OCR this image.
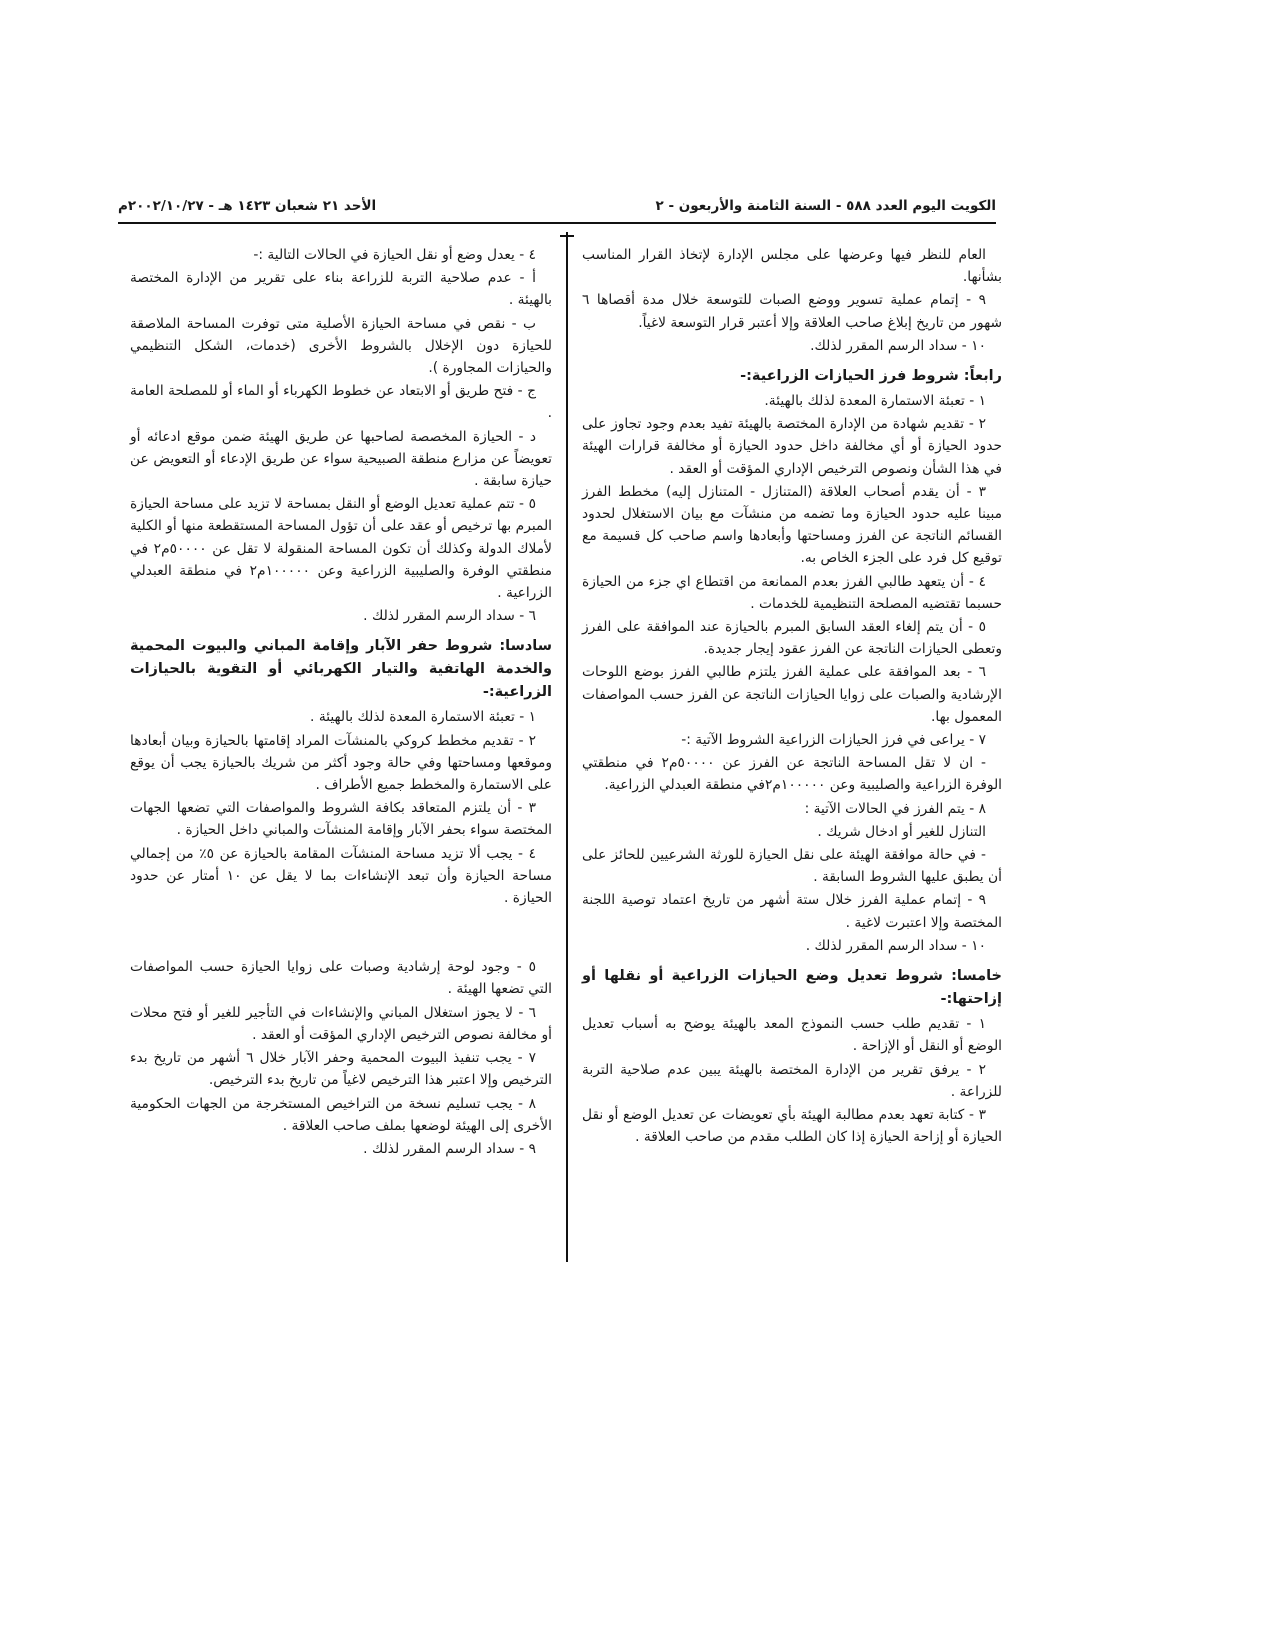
الكويت اليوم العدد ٥٨٨ - السنة الثامنة والأربعون - ٢
الأحد ٢١ شعبان ١٤٢٣ هـ - ٢٠٠٢/١٠/٢٧م

العام للنظر فيها وعرضها على مجلس الإدارة لإتخاذ القرار المناسب بشأنها.

٩ - إتمام عملية تسوير ووضع الصبات للتوسعة خلال مدة أقصاها ٦ شهور من تاريخ إبلاغ صاحب العلاقة وإلا أعتبر قرار التوسعة لاغياً.

١٠ - سداد الرسم المقرر لذلك.

رابعاً: شروط فرز الحيازات الزراعية:-

١ - تعبئة الاستمارة المعدة لذلك بالهيئة.

٢ - تقديم شهادة من الإدارة المختصة بالهيئة تفيد بعدم وجود تجاوز على حدود الحيازة أو أي مخالفة داخل حدود الحيازة أو مخالفة قرارات الهيئة في هذا الشأن ونصوص الترخيص الإداري المؤقت أو العقد .

٣ - أن يقدم أصحاب العلاقة (المتنازل - المتنازل إليه) مخطط الفرز مبينا عليه حدود الحيازة وما تضمه من منشآت مع بيان الاستغلال لحدود القسائم الناتجة عن الفرز ومساحتها وأبعادها واسم صاحب كل قسيمة مع توقيع كل فرد على الجزء الخاص به.

٤ - أن يتعهد طالبي الفرز بعدم الممانعة من اقتطاع اي جزء من الحيازة حسبما تقتضيه المصلحة التنظيمية للخدمات .

٥ - أن يتم إلغاء العقد السابق المبرم بالحيازة عند الموافقة على الفرز وتعطى الحيازات الناتجة عن الفرز عقود إيجار جديدة.

٦ - بعد الموافقة على عملية الفرز يلتزم طالبي الفرز بوضع اللوحات الإرشادية والصبات على زوايا الحيازات الناتجة عن الفرز حسب المواصفات المعمول بها.

٧ - يراعى في فرز الحيازات الزراعية الشروط الآتية :-

- ان لا تقل المساحة الناتجة عن الفرز عن ٥٠٠٠٠م٢ في منطقتي الوفرة الزراعية والصليبية وعن ١٠٠٠٠٠م٢في منطقة العبدلي الزراعية.

٨ - يتم الفرز في الحالات الآتية :

التنازل للغير أو ادخال شريك .

- في حالة موافقة الهيئة على نقل الحيازة للورثة الشرعيين للحائز على أن يطبق عليها الشروط السابقة .

٩ - إتمام عملية الفرز خلال ستة أشهر من تاريخ اعتماد توصية اللجنة المختصة وإلا اعتبرت لاغية .

١٠ - سداد الرسم المقرر لذلك .

خامسا: شروط تعديل وضع الحيازات الزراعية أو نقلها أو إزاحتها:-

١ - تقديم طلب حسب النموذج المعد بالهيئة يوضح به أسباب تعديل الوضع أو النقل أو الإزاحة .

٢ - يرفق تقرير من الإدارة المختصة بالهيئة يبين عدم صلاحية التربة للزراعة .

٣ - كتابة تعهد بعدم مطالبة الهيئة بأي تعويضات عن تعديل الوضع أو نقل الحيازة أو إزاحة الحيازة إذا كان الطلب مقدم من صاحب العلاقة .

٤ - يعدل وضع أو نقل الحيازة في الحالات التالية :-

أ - عدم صلاحية التربة للزراعة بناء على تقرير من الإدارة المختصة بالهيئة .

ب - نقص في مساحة الحيازة الأصلية متى توفرت المساحة الملاصقة للحيازة دون الإخلال بالشروط الأخرى (خدمات، الشكل التنظيمي والحيازات المجاورة ).

ج - فتح طريق أو الابتعاد عن خطوط الكهرباء أو الماء أو للمصلحة العامة .

د - الحيازة المخصصة لصاحبها عن طريق الهيئة ضمن موقع ادعائه أو تعويضاً عن مزارع منطقة الصبيحية سواء عن طريق الإدعاء أو التعويض عن حيازة سابقة .

٥ - تتم عملية تعديل الوضع أو النقل بمساحة لا تزيد على مساحة الحيازة المبرم بها ترخيص أو عقد على أن تؤول المساحة المستقطعة منها أو الكلية لأملاك الدولة وكذلك أن تكون المساحة المنقولة لا تقل عن ٥٠٠٠٠م٢ في منطقتي الوفرة والصليبية الزراعية وعن ١٠٠٠٠٠م٢ في منطقة العبدلي الزراعية .

٦ - سداد الرسم المقرر لذلك .

سادسا: شروط حفر الآبار وإقامة المباني والبيوت المحمية والخدمة الهاتفية والتيار الكهربائي أو التقوية بالحيازات الزراعية:-

١ - تعبئة الاستمارة المعدة لذلك بالهيئة .

٢ - تقديم مخطط كروكي بالمنشآت المراد إقامتها بالحيازة وبيان أبعادها وموقعها ومساحتها وفي حالة وجود أكثر من شريك بالحيازة يجب أن يوقع على الاستمارة والمخطط جميع الأطراف .

٣ - أن يلتزم المتعاقد بكافة الشروط والمواصفات التي تضعها الجهات المختصة سواء بحفر الآبار وإقامة المنشآت والمباني داخل الحيازة .

٤ - يجب ألا تزيد مساحة المنشآت المقامة بالحيازة عن ٥٪ من إجمالي مساحة الحيازة وأن تبعد الإنشاءات بما لا يقل عن ١٠ أمتار عن حدود الحيازة .

٥ - وجود لوحة إرشادية وصبات على زوايا الحيازة حسب المواصفات التي تضعها الهيئة .

٦ - لا يجوز استغلال المباني والإنشاءات في التأجير للغير أو فتح محلات أو مخالفة نصوص الترخيص الإداري المؤقت أو العقد .

٧ - يجب تنفيذ البيوت المحمية وحفر الآبار خلال ٦ أشهر من تاريخ بدء الترخيص وإلا اعتبر هذا الترخيص لاغياً من تاريخ بدء الترخيص.

٨ - يجب تسليم نسخة من التراخيص المستخرجة من الجهات الحكومية الأخرى إلى الهيئة لوضعها بملف صاحب العلاقة .

٩ - سداد الرسم المقرر لذلك .
